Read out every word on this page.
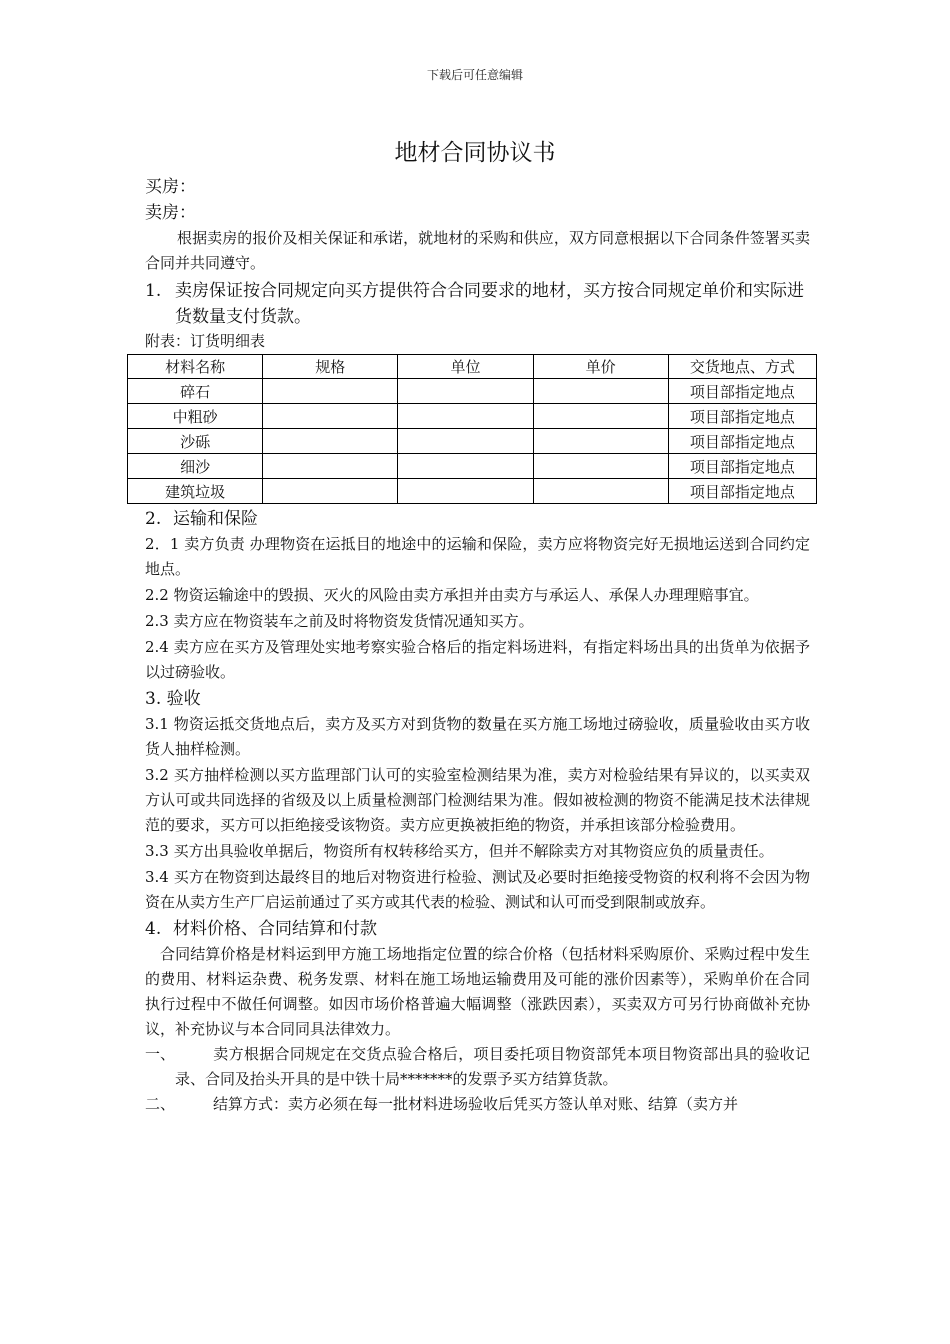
下载后可任意编辑
地材合同协议书

买房：

卖房：

根据卖房的报价及相关保证和承诺，就地材的采购和供应，双方同意根据以下合同条件签署买卖合同并共同遵守。

1. 卖房保证按合同规定向买方提供符合合同要求的地材，买方按合同规定单价和实际进货数量支付货款。

附表：订货明细表

材料名称	规格	单位	单价	交货地点、方式
碎石				项目部指定地点
中粗砂				项目部指定地点
沙砾				项目部指定地点
细沙				项目部指定地点
建筑垃圾				项目部指定地点

2. 运输和保险

2．1 卖方负责 办理物资在运抵目的地途中的运输和保险，卖方应将物资完好无损地运送到合同约定地点。

2.2 物资运输途中的毁损、灭火的风险由卖方承担并由卖方与承运人、承保人办理理赔事宜。

2.3 卖方应在物资装车之前及时将物资发货情况通知买方。

2.4 卖方应在买方及管理处实地考察实验合格后的指定料场进料，有指定料场出具的出货单为依据予以过磅验收。

3. 验收

3.1 物资运抵交货地点后，卖方及买方对到货物的数量在买方施工场地过磅验收，质量验收由买方收货人抽样检测。

3.2 买方抽样检测以买方监理部门认可的实验室检测结果为准，卖方对检验结果有异议的，以买卖双方认可或共同选择的省级及以上质量检测部门检测结果为准。假如被检测的物资不能满足技术法律规范的要求，买方可以拒绝接受该物资。卖方应更换被拒绝的物资，并承担该部分检验费用。

3.3 买方出具验收单据后，物资所有权转移给买方，但并不解除卖方对其物资应负的质量责任。

3.4 买方在物资到达最终目的地后对物资进行检验、测试及必要时拒绝接受物资的权利将不会因为物资在从卖方生产厂启运前通过了买方或其代表的检验、测试和认可而受到限制或放弃。

4. 材料价格、合同结算和付款

合同结算价格是材料运到甲方施工场地指定位置的综合价格（包括材料采购原价、采购过程中发生的费用、材料运杂费、税务发票、材料在施工场地运输费用及可能的涨价因素等），采购单价在合同执行过程中不做任何调整。如因市场价格普遍大幅调整（涨跌因素），买卖双方可另行协商做补充协议，补充协议与本合同同具法律效力。

一、	卖方根据合同规定在交货点验合格后，项目委托项目物资部凭本项目物资部出具的验收记录、合同及抬头开具的是中铁十局*******的发票予买方结算货款。

二、	结算方式：卖方必须在每一批材料进场验收后凭买方签认单对账、结算（卖方并
